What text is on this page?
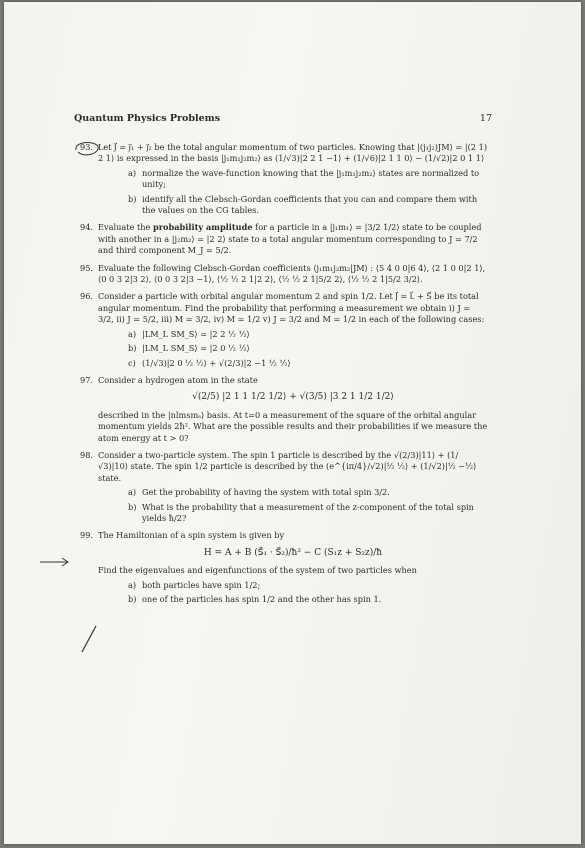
Quantum Physics Problems	17
93. Let J⃗ = j⃗₁ + j⃗₂ be the total angular momentum of two particles. Knowing that |(j₁j₂)JM⟩ = |(2 1) 2 1⟩ is expressed in the basis |j₁m₁j₂m₂⟩ as (1/√3)|2 2 1 −1⟩ + (1/√6)|2 1 1 0⟩ − (1/√2)|2 0 1 1⟩
a) normalize the wave-function knowing that the |j₁m₁j₂m₂⟩ states are normalized to unity;
b) identify all the Clebsch-Gordan coefficients that you can and compare them with the values on the CG tables.
94. Evaluate the probability amplitude for a particle in a |j₁m₁⟩ = |3/2 1/2⟩ state to be coupled with another in a |j₂m₂⟩ = |2 2⟩ state to a total angular momentum corresponding to J = 7/2 and third component M_J = 5/2.
95. Evaluate the following Clebsch-Gordan coefficients ⟨j₁m₁j₂m₂|JM⟩ : ⟨5 4 0 0|6 4⟩, ⟨2 1 0 0|2 1⟩, ⟨0 0 3 2|3 2⟩, ⟨0 0 3 2|3 −1⟩, ⟨½ ½ 2 1|2 2⟩, ⟨½ ½ 2 1|5/2 2⟩, ⟨½ ½ 2 1|5/2 3/2⟩.
96. Consider a particle with orbital angular momentum 2 and spin 1/2. Let J⃗ = L⃗ + S⃗ be its total angular momentum. Find the probability that performing a measurement we obtain i) J = 3/2, ii) J = 5/2, iii) M = 3/2, iv) M = 1/2 v) J = 3/2 and M = 1/2 in each of the following cases:
a) |LM_L SM_S⟩ = |2 2 ½ ½⟩
b) |LM_L SM_S⟩ = |2 0 ½ ½⟩
c) (1/√3)|2 0 ½ ½⟩ + √(2/3)|2 −1 ½ ½⟩
97. Consider a hydrogen atom in the state
√(2/5) |2 1 1 1/2 1/2⟩ + √(3/5) |3 2 1 1/2 1/2⟩
described in the |nlmsmₛ⟩ basis. At t=0 a measurement of the square of the orbital angular momentum yields 2ħ². What are the possible results and their probabilities if we measure the atom energy at t > 0?
98. Consider a two-particle system. The spin 1 particle is described by the √(2/3)|11⟩ + (1/√3)|10⟩ state. The spin 1/2 particle is described by the (e^{iπ/4}/√2)|½ ½⟩ + (1/√2)|½ −½⟩ state.
a) Get the probability of having the system with total spin 3/2.
b) What is the probability that a measurement of the z-component of the total spin yields ħ/2?
99. The Hamiltonian of a spin system is given by
H = A + B (S⃗₁ · S⃗₂)/ħ² − C (S₁z + S₂z)/ħ
Find the eigenvalues and eigenfunctions of the system of two particles when
a) both particles have spin 1/2;
b) one of the particles has spin 1/2 and the other has spin 1.
